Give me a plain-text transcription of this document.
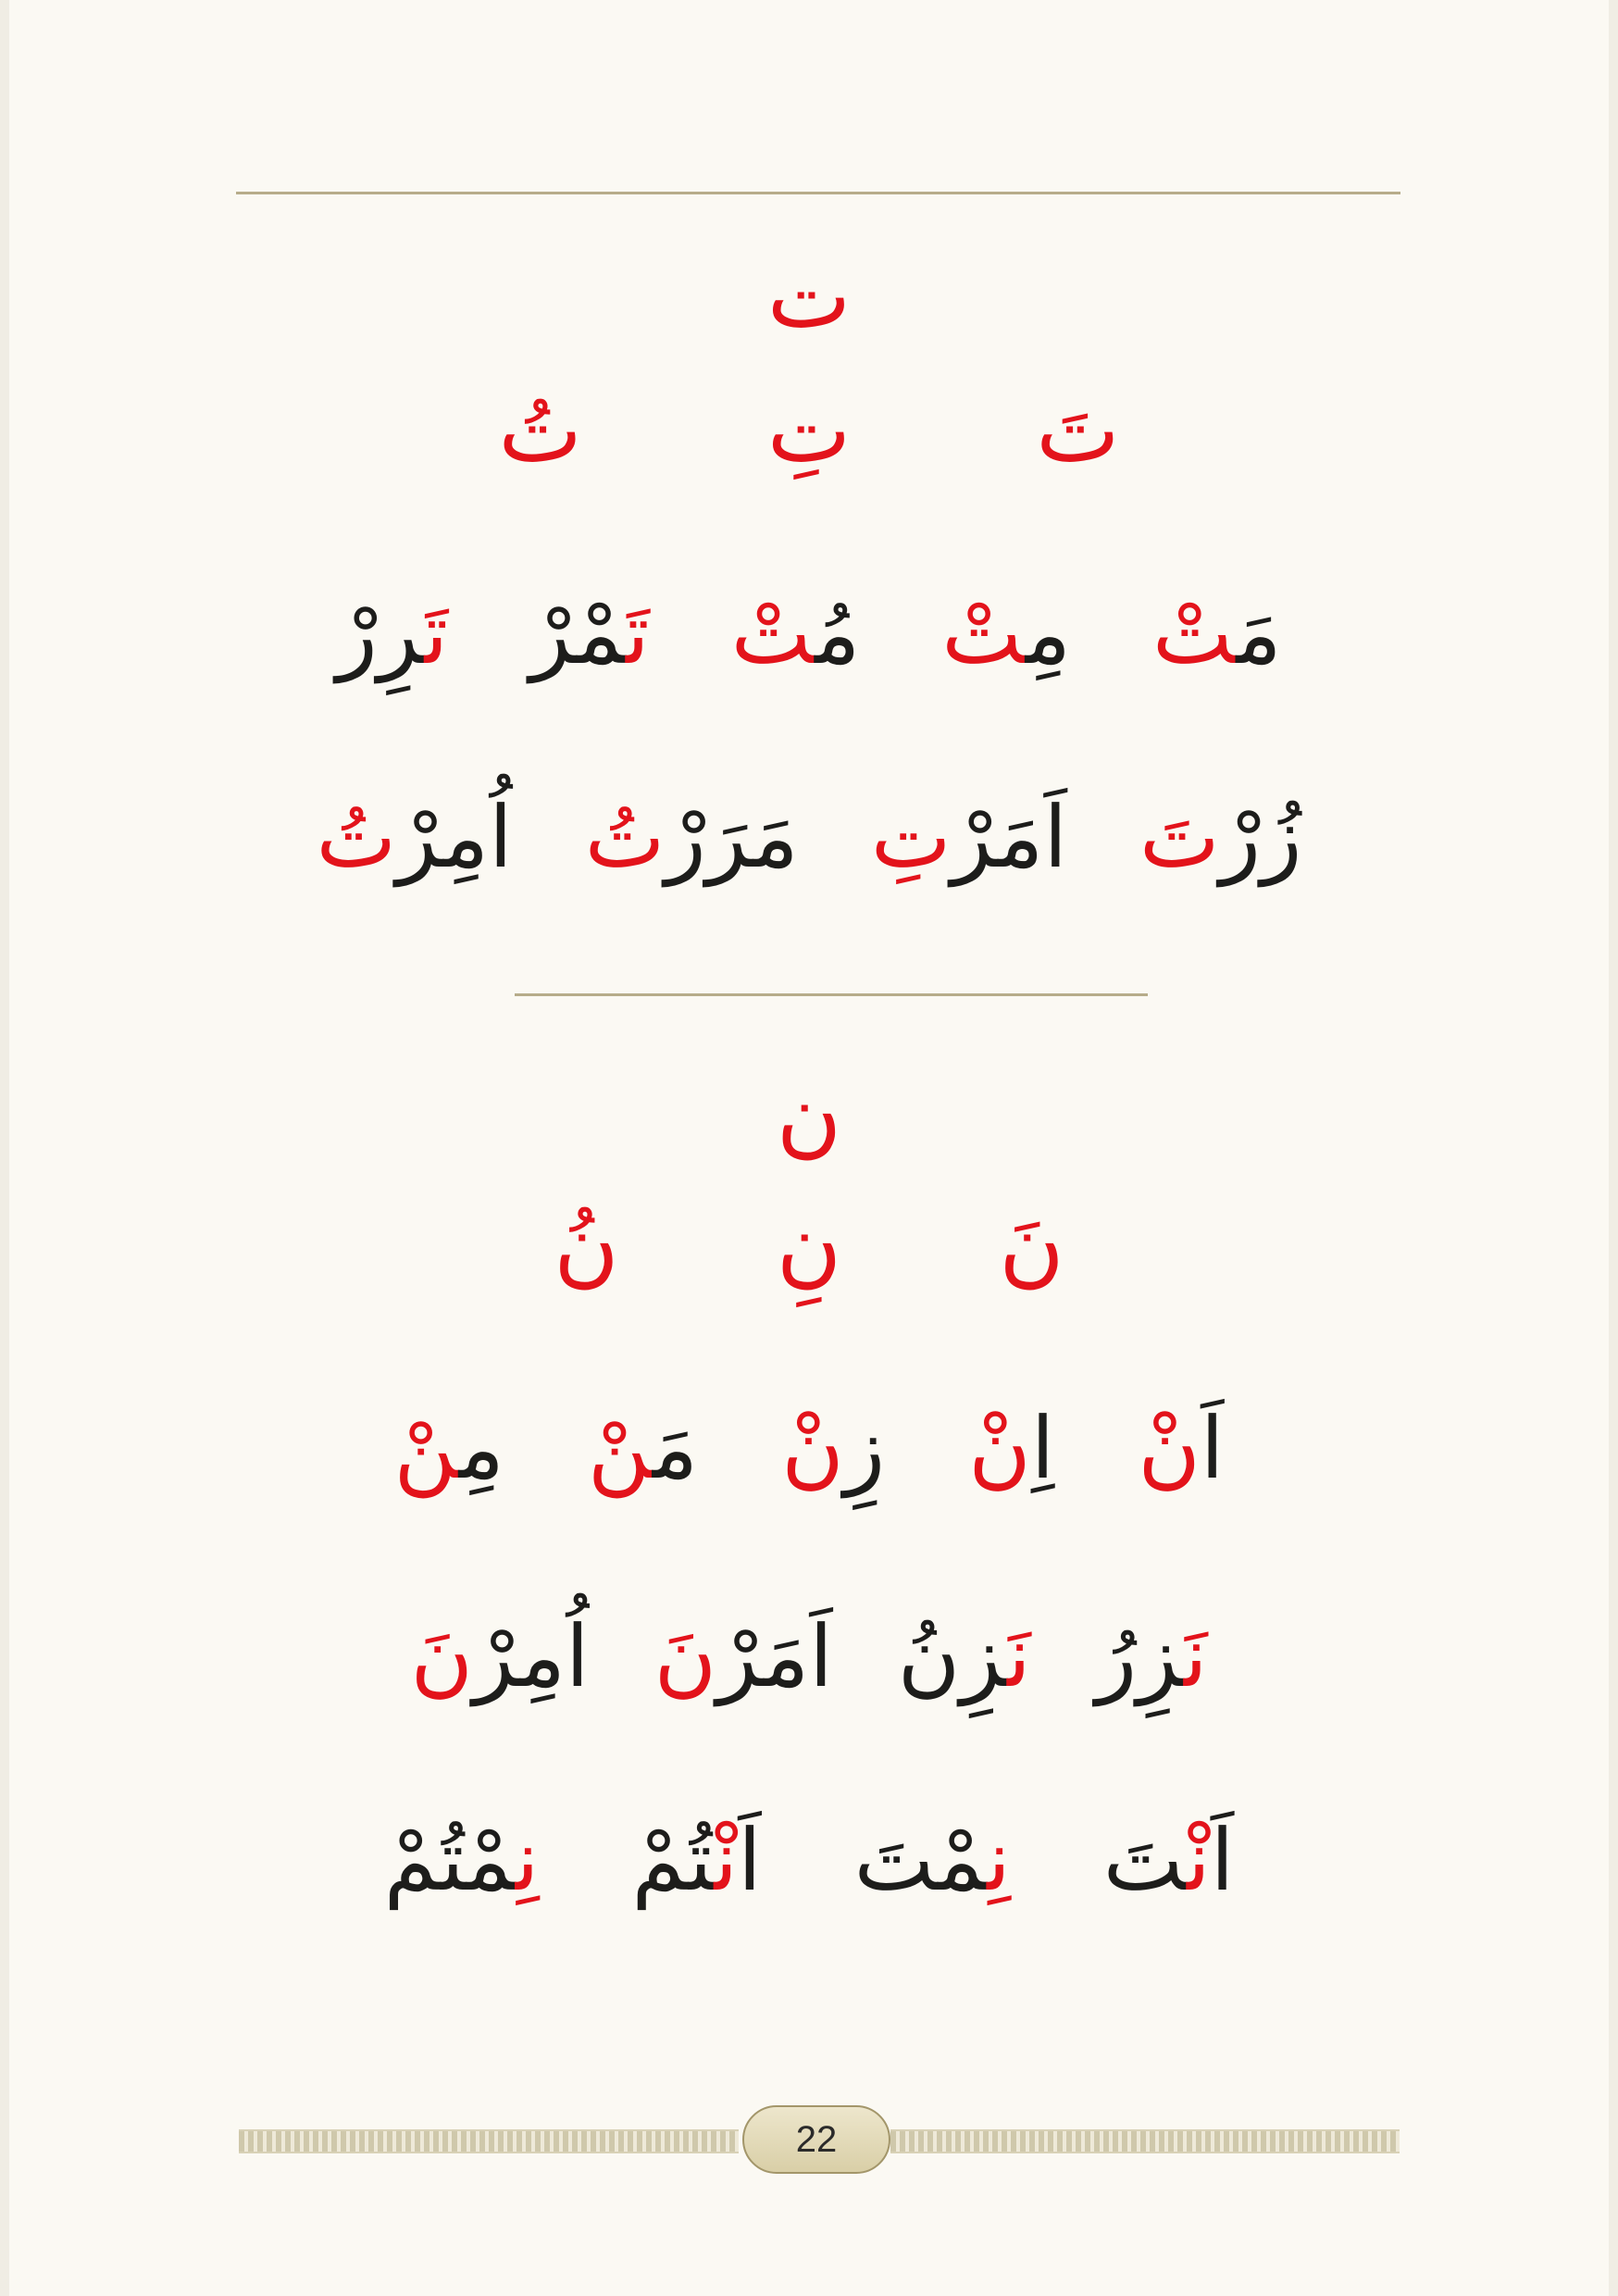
ت
تَ
تِ
تُ
مَتْ
مِتْ
مُتْ
تَمْرْ
تَرِرْ
زُرْتَ
اَمَرْتِ
مَرَرْتُ
اُمِرْتُ
ن
نَ
نِ
نُ
اَنْ
اِنْ
زِنْ
مَنْ
مِنْ
نَزِرُ
نَزِنُ
اَمَرْنَ
اُمِرْنَ
اَنْتَ
نِمْتَ
اَنْتُمْ
نِمْتُمْ
22
